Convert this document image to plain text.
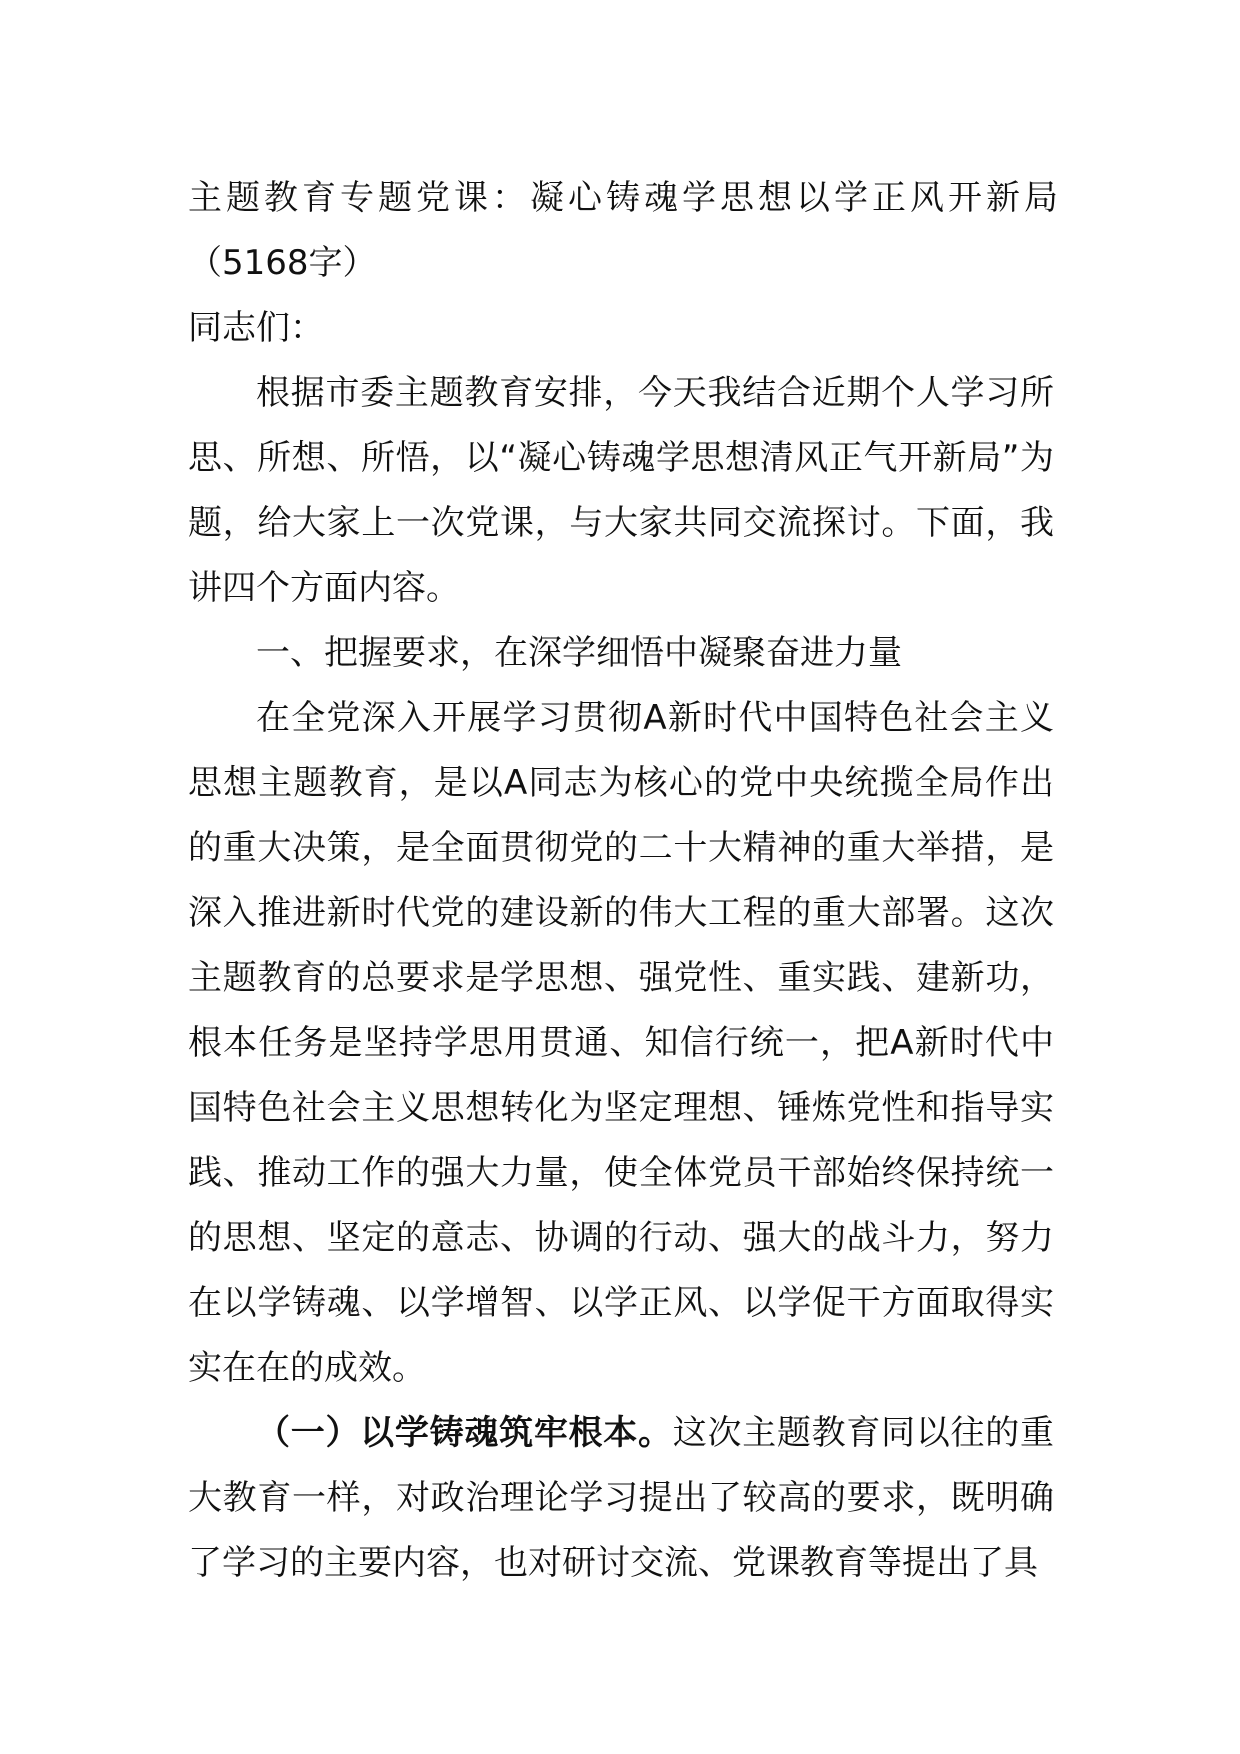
主题教育专题党课：凝心铸魂学思想以学正风开新局
（5168字）
同志们：

根据市委主题教育安排，今天我结合近期个人学习所思、所想、所悟，以“凝心铸魂学思想清风正气开新局”为题，给大家上一次党课，与大家共同交流探讨。下面，我讲四个方面内容。

一、把握要求，在深学细悟中凝聚奋进力量

在全党深入开展学习贯彻A新时代中国特色社会主义思想主题教育，是以A同志为核心的党中央统揽全局作出的重大决策，是全面贯彻党的二十大精神的重大举措，是深入推进新时代党的建设新的伟大工程的重大部署。这次主题教育的总要求是学思想、强党性、重实践、建新功，根本任务是坚持学思用贯通、知信行统一，把A新时代中国特色社会主义思想转化为坚定理想、锤炼党性和指导实践、推动工作的强大力量，使全体党员干部始终保持统一的思想、坚定的意志、协调的行动、强大的战斗力，努力在以学铸魂、以学增智、以学正风、以学促干方面取得实实在在的成效。

（一）以学铸魂筑牢根本。这次主题教育同以往的重大教育一样，对政治理论学习提出了较高的要求，既明确了学习的主要内容，也对研讨交流、党课教育等提出了具
